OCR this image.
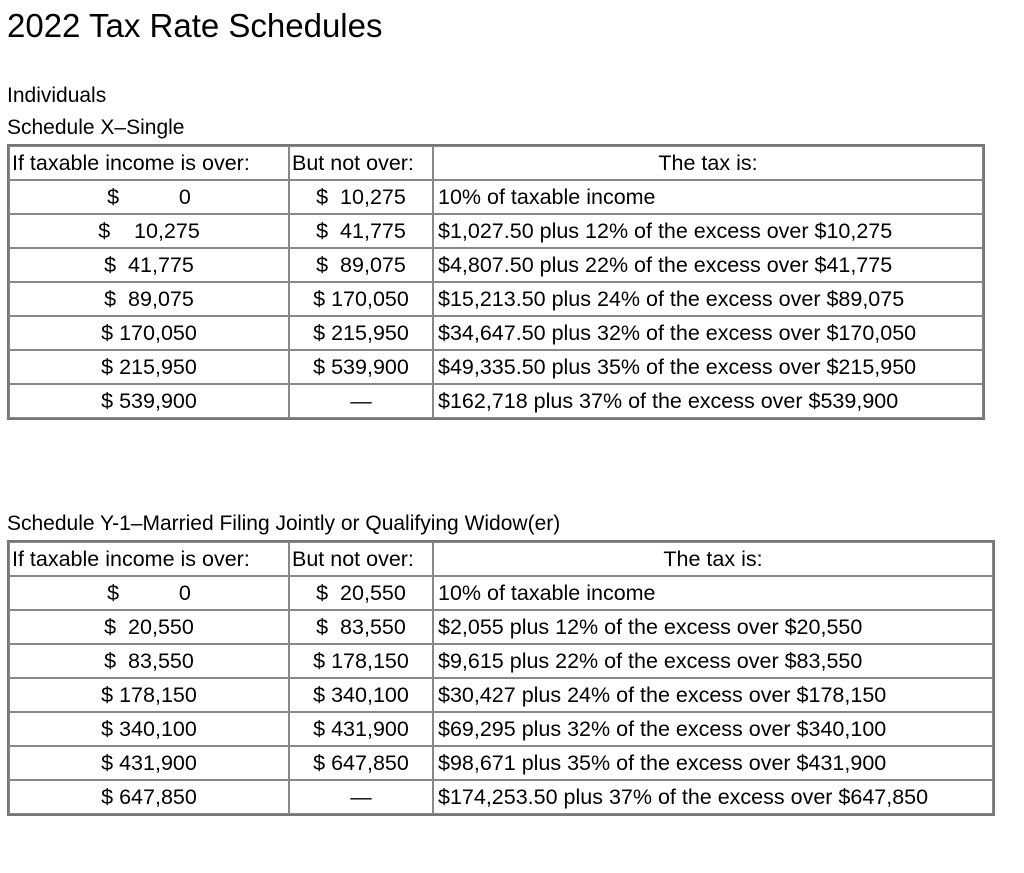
2022 Tax Rate Schedules
Individuals
Schedule X–Single
If taxable income is over:	But not over:	The tax is:
$          0	$  10,275	10% of taxable income
$    10,275	$  41,775	$1,027.50 plus 12% of the excess over $10,275
$  41,775	$  89,075	$4,807.50 plus 22% of the excess over $41,775
$  89,075	$ 170,050	$15,213.50 plus 24% of the excess over $89,075
$ 170,050	$ 215,950	$34,647.50 plus 32% of the excess over $170,050
$ 215,950	$ 539,900	$49,335.50 plus 35% of the excess over $215,950
$ 539,900	—	$162,718 plus 37% of the excess over $539,900
Schedule Y-1–Married Filing Jointly or Qualifying Widow(er)
If taxable income is over:	But not over:	The tax is:
$          0	$  20,550	10% of taxable income
$  20,550	$  83,550	$2,055 plus 12% of the excess over $20,550
$  83,550	$ 178,150	$9,615 plus 22% of the excess over $83,550
$ 178,150	$ 340,100	$30,427 plus 24% of the excess over $178,150
$ 340,100	$ 431,900	$69,295 plus 32% of the excess over $340,100
$ 431,900	$ 647,850	$98,671 plus 35% of the excess over $431,900
$ 647,850	—	$174,253.50 plus 37% of the excess over $647,850
